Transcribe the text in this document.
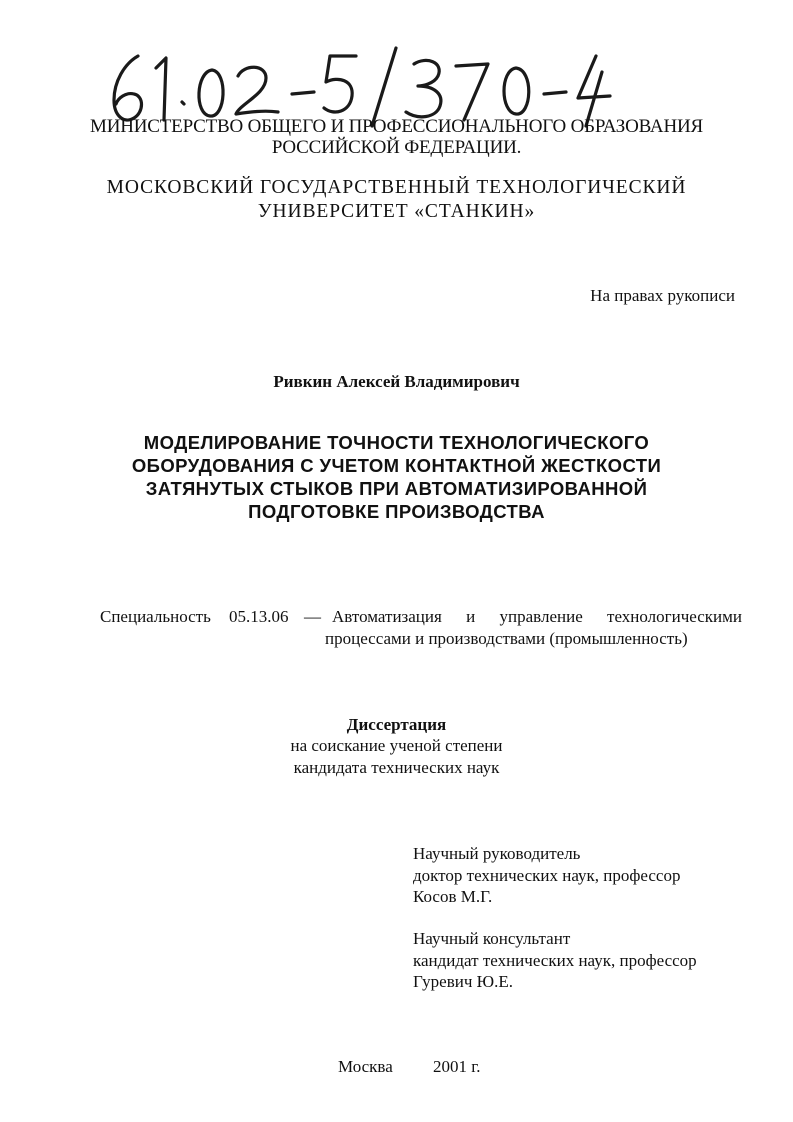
МИНИСТЕРСТВО ОБЩЕГО И ПРОФЕССИОНАЛЬНОГО ОБРАЗОВАНИЯ
РОССИЙСКОЙ ФЕДЕРАЦИИ.
МОСКОВСКИЙ ГОСУДАРСТВЕННЫЙ ТЕХНОЛОГИЧЕСКИЙ
УНИВЕРСИТЕТ «СТАНКИН»
На правах рукописи
Ривкин Алексей Владимирович
МОДЕЛИРОВАНИЕ ТОЧНОСТИ ТЕХНОЛОГИЧЕСКОГО
ОБОРУДОВАНИЯ С УЧЕТОМ КОНТАКТНОЙ ЖЕСТКОСТИ
ЗАТЯНУТЫХ СТЫКОВ ПРИ АВТОМАТИЗИРОВАННОЙ
ПОДГОТОВКЕ ПРОИЗВОДСТВА
Специальность 05.13.06 — Автоматизация и управление технологическими
процессами и производствами (промышленность)
Диссертация
на соискание ученой степени
кандидата технических наук
Научный руководитель
доктор технических наук, профессор
Косов М.Г.
Научный консультант
кандидат технических наук, профессор
Гуревич Ю.Е.
Москва 2001 г.
